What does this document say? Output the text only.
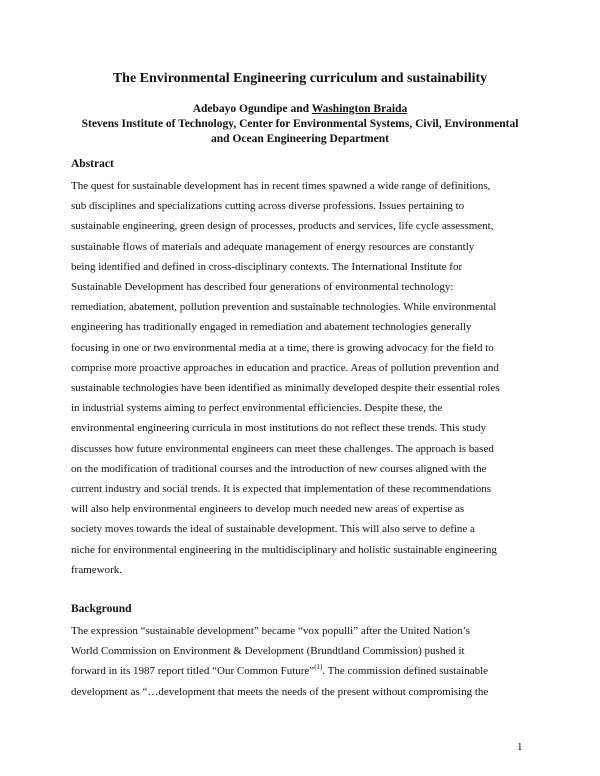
The Environmental Engineering curriculum and sustainability
Adebayo Ogundipe and Washington Braida
Stevens Institute of Technology, Center for Environmental Systems, Civil, Environmental
and Ocean Engineering Department
Abstract
The quest for sustainable development has in recent times spawned a wide range of definitions,
sub disciplines and specializations cutting across diverse professions. Issues pertaining to
sustainable engineering, green design of processes, products and services, life cycle assessment,
sustainable flows of materials and adequate management of energy resources are constantly
being identified and defined in cross-disciplinary contexts. The International Institute for
Sustainable Development has described four generations of environmental technology:
remediation, abatement, pollution prevention and sustainable technologies. While environmental
engineering has traditionally engaged in remediation and abatement technologies generally
focusing in one or two environmental media at a time, there is growing advocacy for the field to
comprise more proactive approaches in education and practice. Areas of pollution prevention and
sustainable technologies have been identified as minimally developed despite their essential roles
in industrial systems aiming to perfect environmental efficiencies. Despite these, the
environmental engineering curricula in most institutions do not reflect these trends. This study
discusses how future environmental engineers can meet these challenges. The approach is based
on the modification of traditional courses and the introduction of new courses aligned with the
current industry and social trends. It is expected that implementation of these recommendations
will also help environmental engineers to develop much needed new areas of expertise as
society moves towards the ideal of sustainable development. This will also serve to define a
niche for environmental engineering in the multidisciplinary and holistic sustainable engineering
framework.
Background
The expression “sustainable development” became “vox populli” after the United Nation’s
World Commission on Environment & Development (Brundtland Commission) pushed it
forward in its 1987 report titled “Our Common Future”$^{(1)}$. The commission defined sustainable
development as “…development that meets the needs of the present without compromising the
1
